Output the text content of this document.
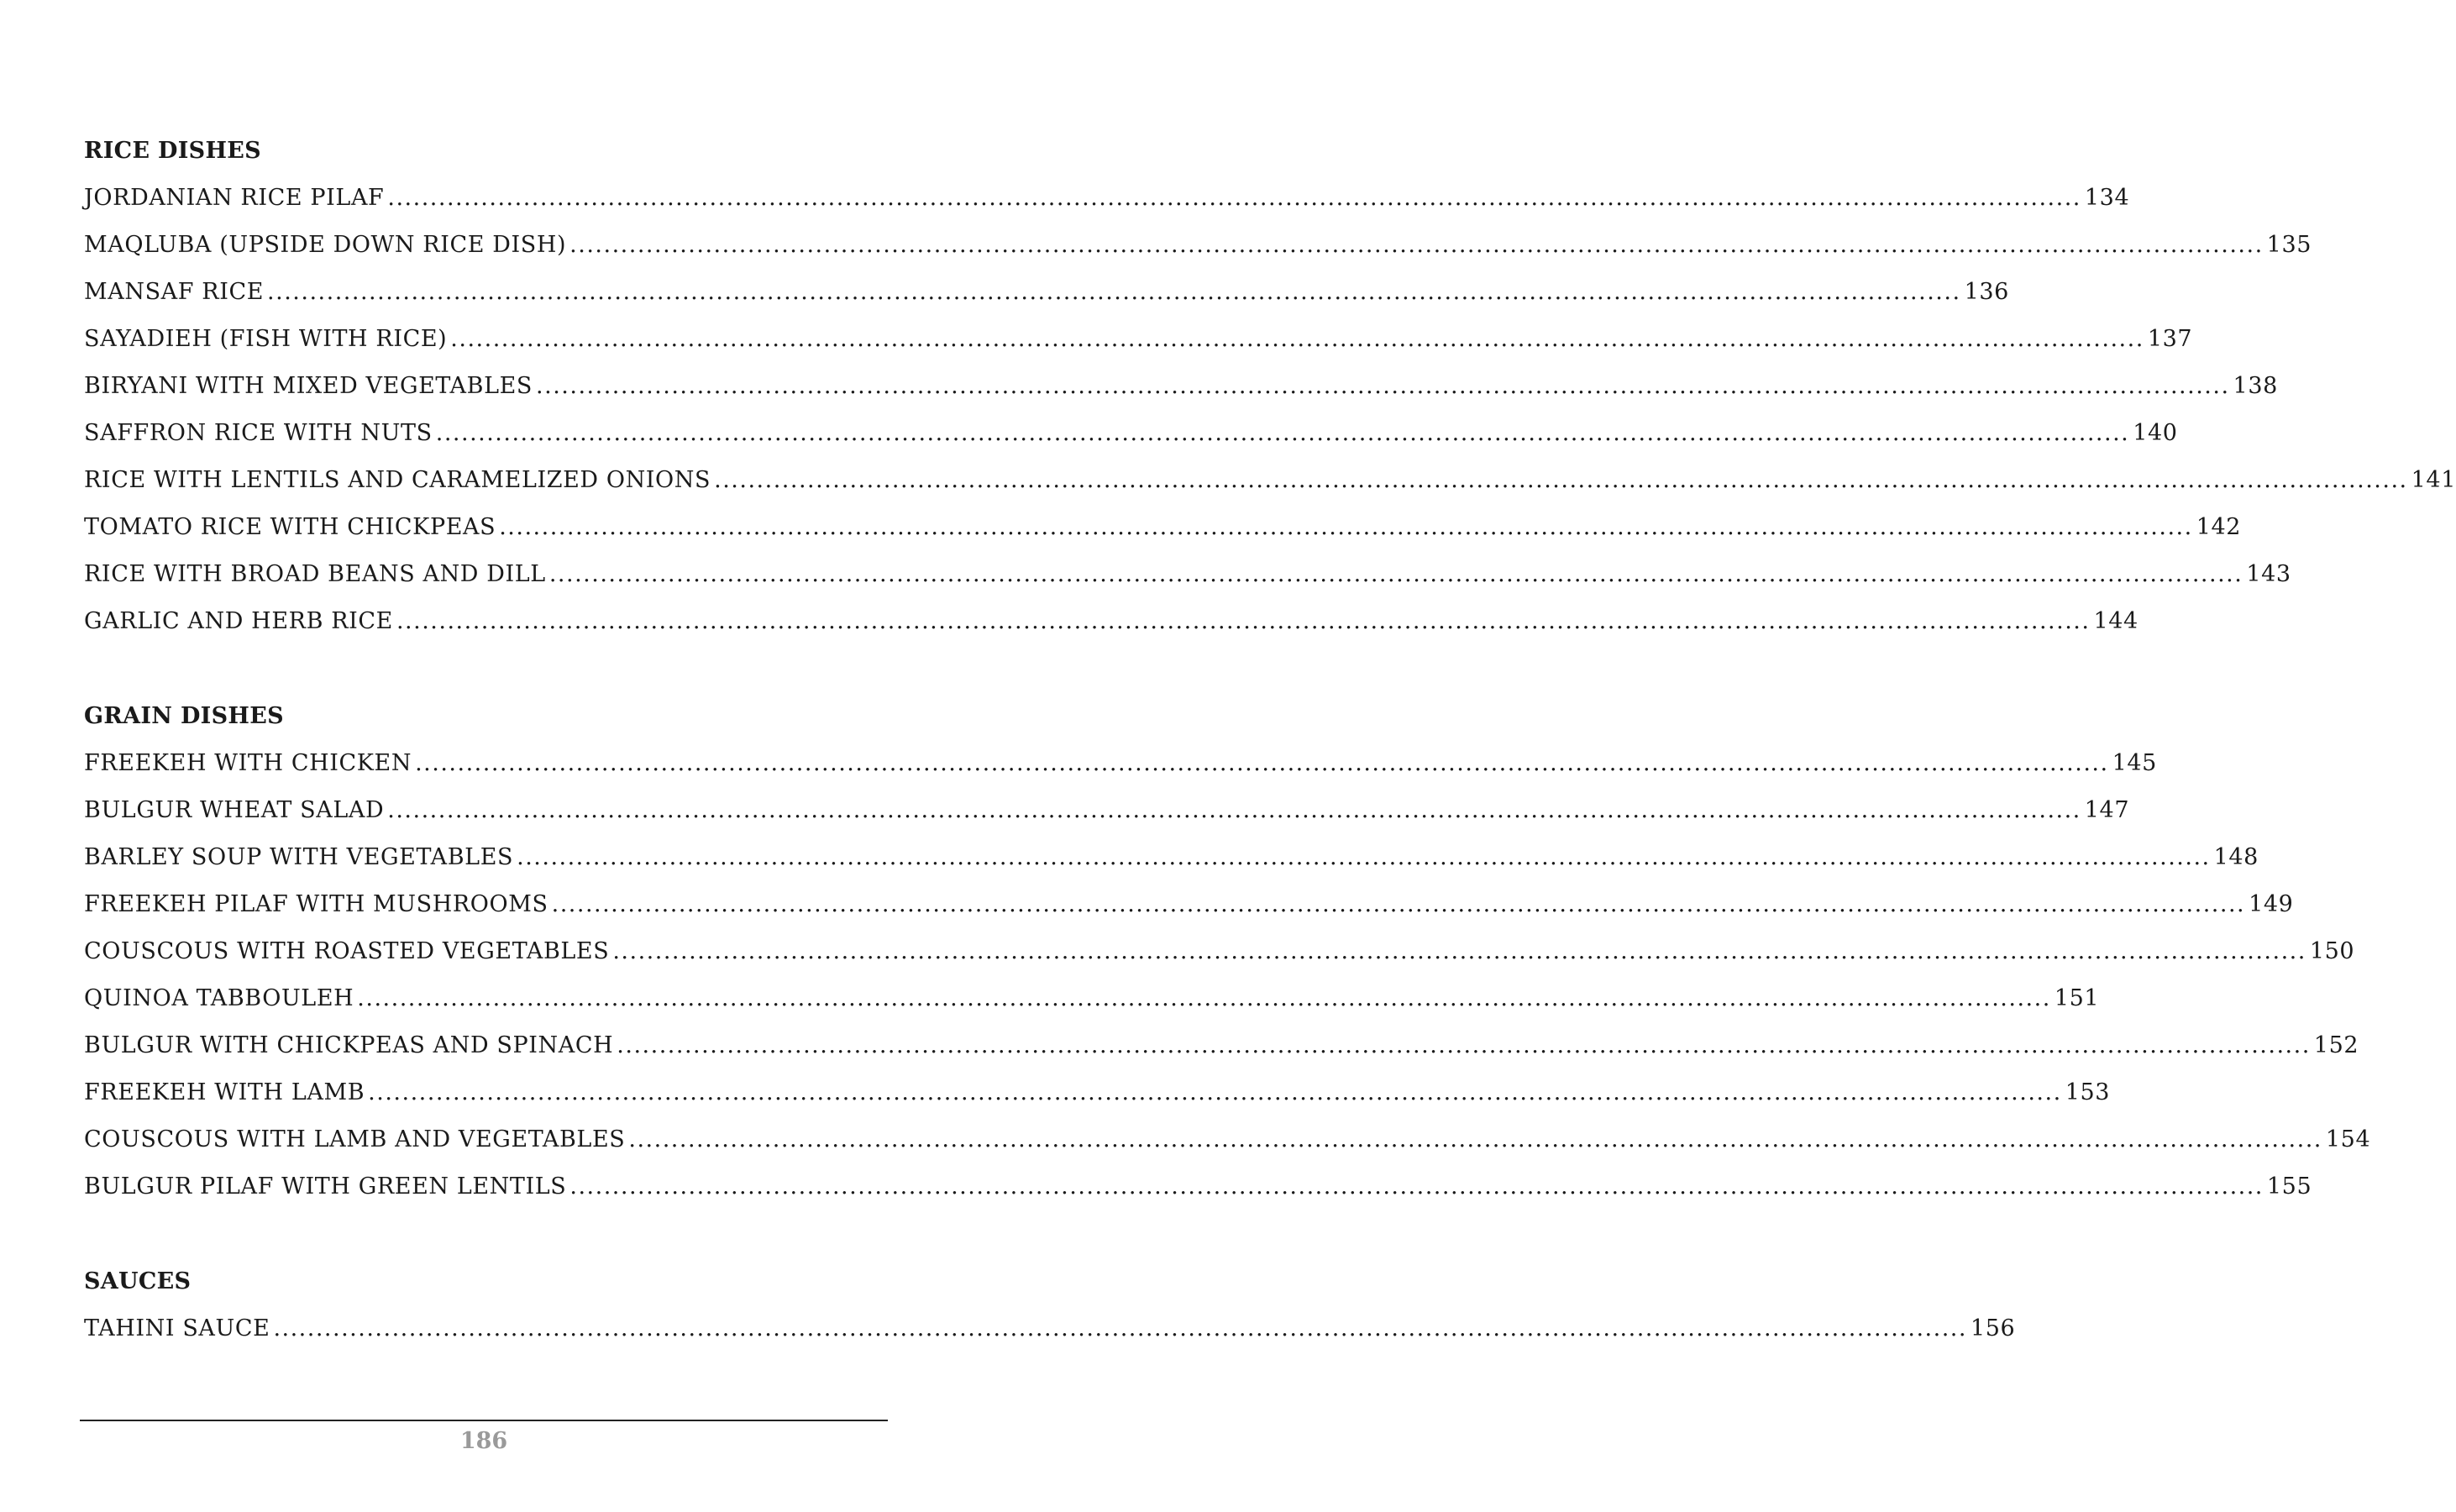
RICE DISHES
JORDANIAN RICE PILAF ........................................................................................................................................................................................................ 134
MAQLUBA (UPSIDE DOWN RICE DISH) ........................................................................................................................................................................................................ 135
MANSAF RICE ........................................................................................................................................................................................................ 136
SAYADIEH (FISH WITH RICE) ........................................................................................................................................................................................................ 137
BIRYANI WITH MIXED VEGETABLES ........................................................................................................................................................................................................ 138
SAFFRON RICE WITH NUTS ........................................................................................................................................................................................................ 140
RICE WITH LENTILS AND CARAMELIZED ONIONS ........................................................................................................................................................................................................ 141
TOMATO RICE WITH CHICKPEAS ........................................................................................................................................................................................................ 142
RICE WITH BROAD BEANS AND DILL ........................................................................................................................................................................................................ 143
GARLIC AND HERB RICE ........................................................................................................................................................................................................ 144
GRAIN DISHES
FREEKEH WITH CHICKEN ........................................................................................................................................................................................................ 145
BULGUR WHEAT SALAD ........................................................................................................................................................................................................ 147
BARLEY SOUP WITH VEGETABLES ........................................................................................................................................................................................................ 148
FREEKEH PILAF WITH MUSHROOMS ........................................................................................................................................................................................................ 149
COUSCOUS WITH ROASTED VEGETABLES ........................................................................................................................................................................................................ 150
QUINOA TABBOULEH ........................................................................................................................................................................................................ 151
BULGUR WITH CHICKPEAS AND SPINACH ........................................................................................................................................................................................................ 152
FREEKEH WITH LAMB ........................................................................................................................................................................................................ 153
COUSCOUS WITH LAMB AND VEGETABLES ........................................................................................................................................................................................................ 154
BULGUR PILAF WITH GREEN LENTILS ........................................................................................................................................................................................................ 155
SAUCES
TAHINI SAUCE ........................................................................................................................................................................................................ 156
186
